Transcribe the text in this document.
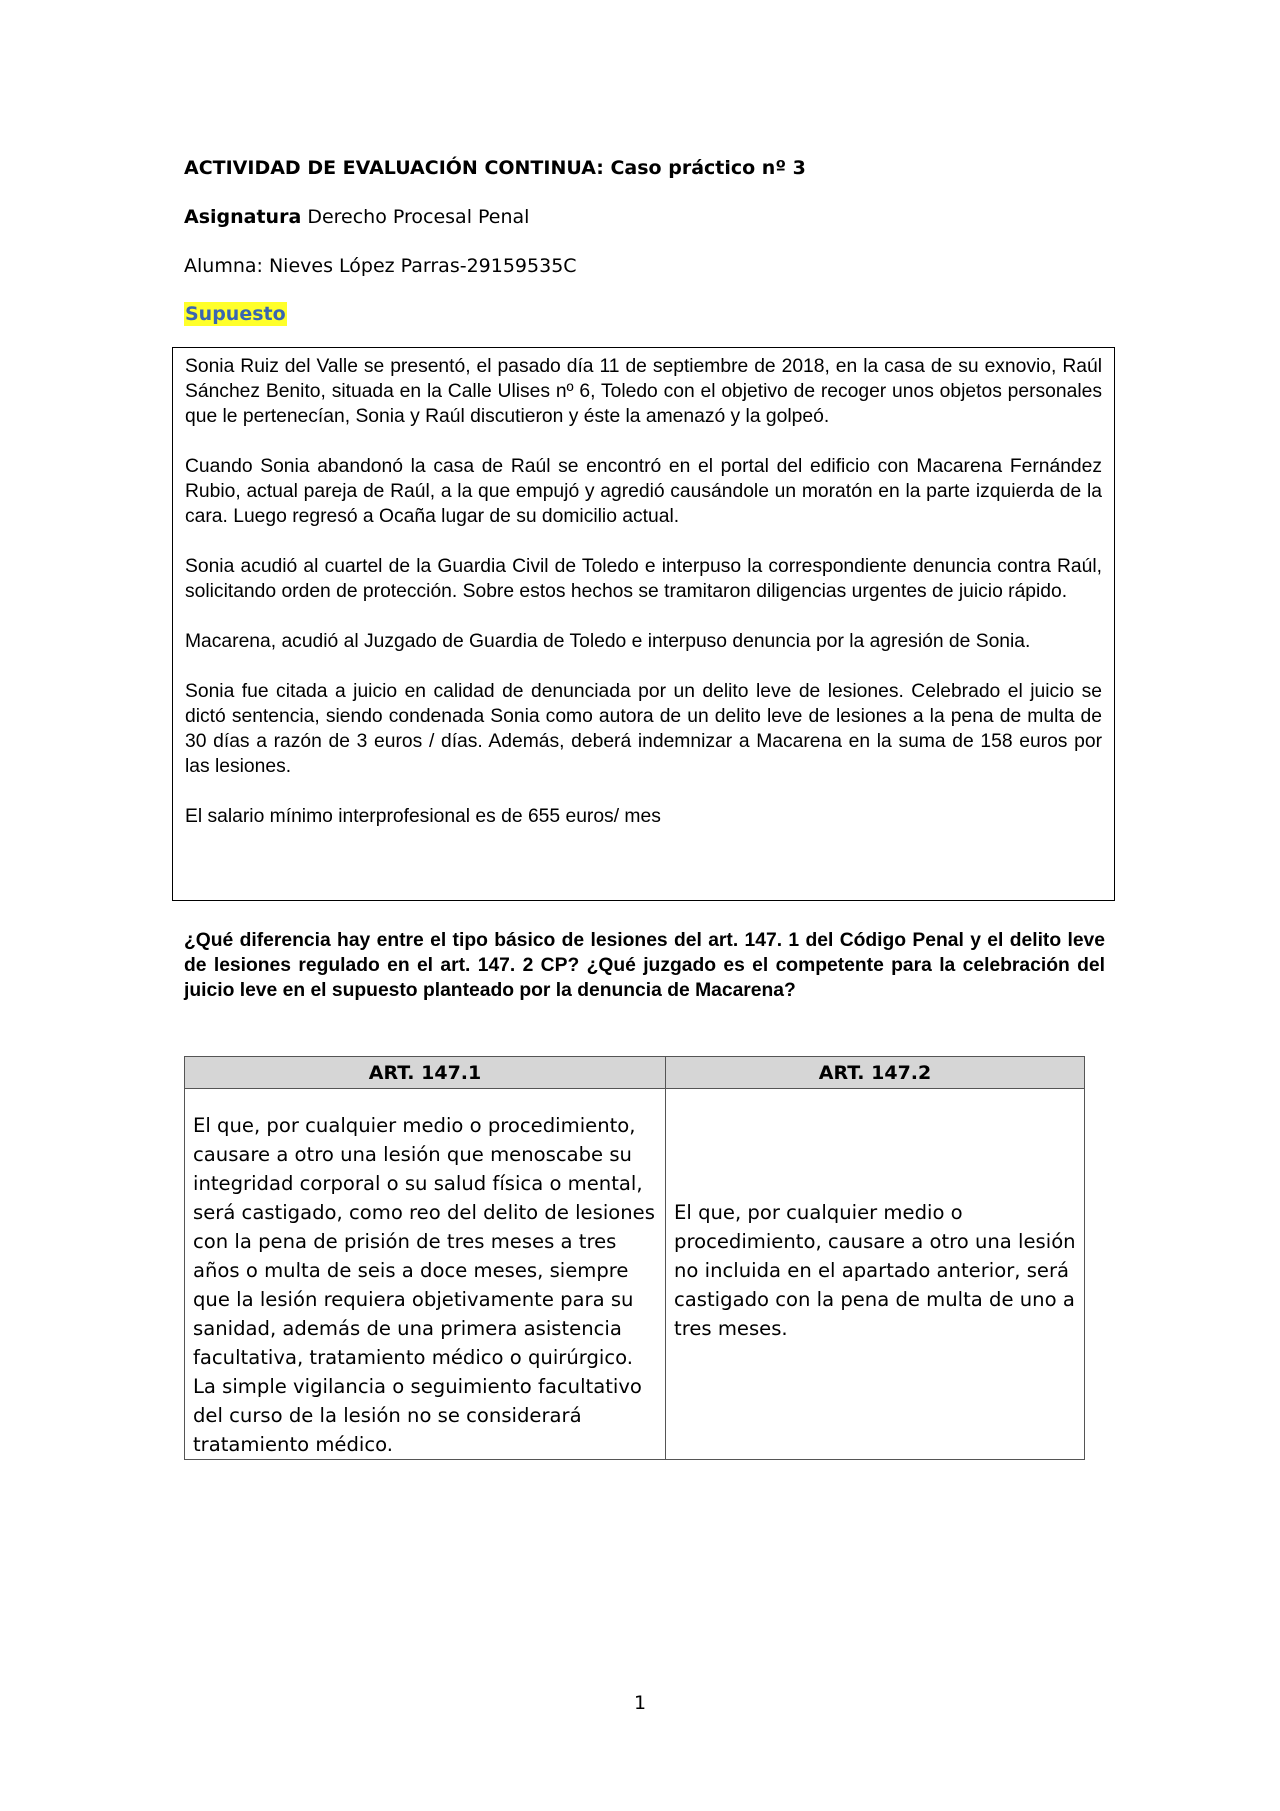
ACTIVIDAD DE EVALUACIÓN CONTINUA: Caso práctico nº 3
Asignatura Derecho Procesal Penal
Alumna: Nieves López Parras-29159535C
Supuesto

Sonia Ruiz del Valle se presentó, el pasado día 11 de septiembre de 2018, en la casa de su exnovio, Raúl Sánchez Benito, situada en la Calle Ulises nº 6, Toledo con el objetivo de recoger unos objetos personales que le pertenecían, Sonia y Raúl discutieron y éste la amenazó y la golpeó.

Cuando Sonia abandonó la casa de Raúl se encontró en el portal del edificio con Macarena Fernández Rubio, actual pareja de Raúl, a la que empujó y agredió causándole un moratón en la parte izquierda de la cara. Luego regresó a Ocaña lugar de su domicilio actual.

Sonia acudió al cuartel de la Guardia Civil de Toledo e interpuso la correspondiente denuncia contra Raúl, solicitando orden de protección. Sobre estos hechos se tramitaron diligencias urgentes de juicio rápido.

Macarena, acudió al Juzgado de Guardia de Toledo e interpuso denuncia por la agresión de Sonia.

Sonia fue citada a juicio en calidad de denunciada por un delito leve de lesiones. Celebrado el juicio se dictó sentencia, siendo condenada Sonia como autora de un delito leve de lesiones a la pena de multa de 30 días a razón de 3 euros / días. Además, deberá indemnizar a Macarena en la suma de 158 euros por las lesiones.

El salario mínimo interprofesional es de 655 euros/ mes

¿Qué diferencia hay entre el tipo básico de lesiones del art. 147. 1 del Código Penal y el delito leve de lesiones regulado en el art. 147. 2 CP? ¿Qué juzgado es el competente para la celebración del juicio leve en el supuesto planteado por la denuncia de Macarena?

ART. 147.1	ART. 147.2

El que, por cualquier medio o procedimiento, causare a otro una lesión que menoscabe su integridad corporal o su salud física o mental, será castigado, como reo del delito de lesiones con la pena de prisión de tres meses a tres años o multa de seis a doce meses, siempre que la lesión requiera objetivamente para su sanidad, además de una primera asistencia facultativa, tratamiento médico o quirúrgico. La simple vigilancia o seguimiento facultativo del curso de la lesión no se considerará tratamiento médico.	El que, por cualquier medio o procedimiento, causare a otro una lesión no incluida en el apartado anterior, será castigado con la pena de multa de uno a tres meses.
1
